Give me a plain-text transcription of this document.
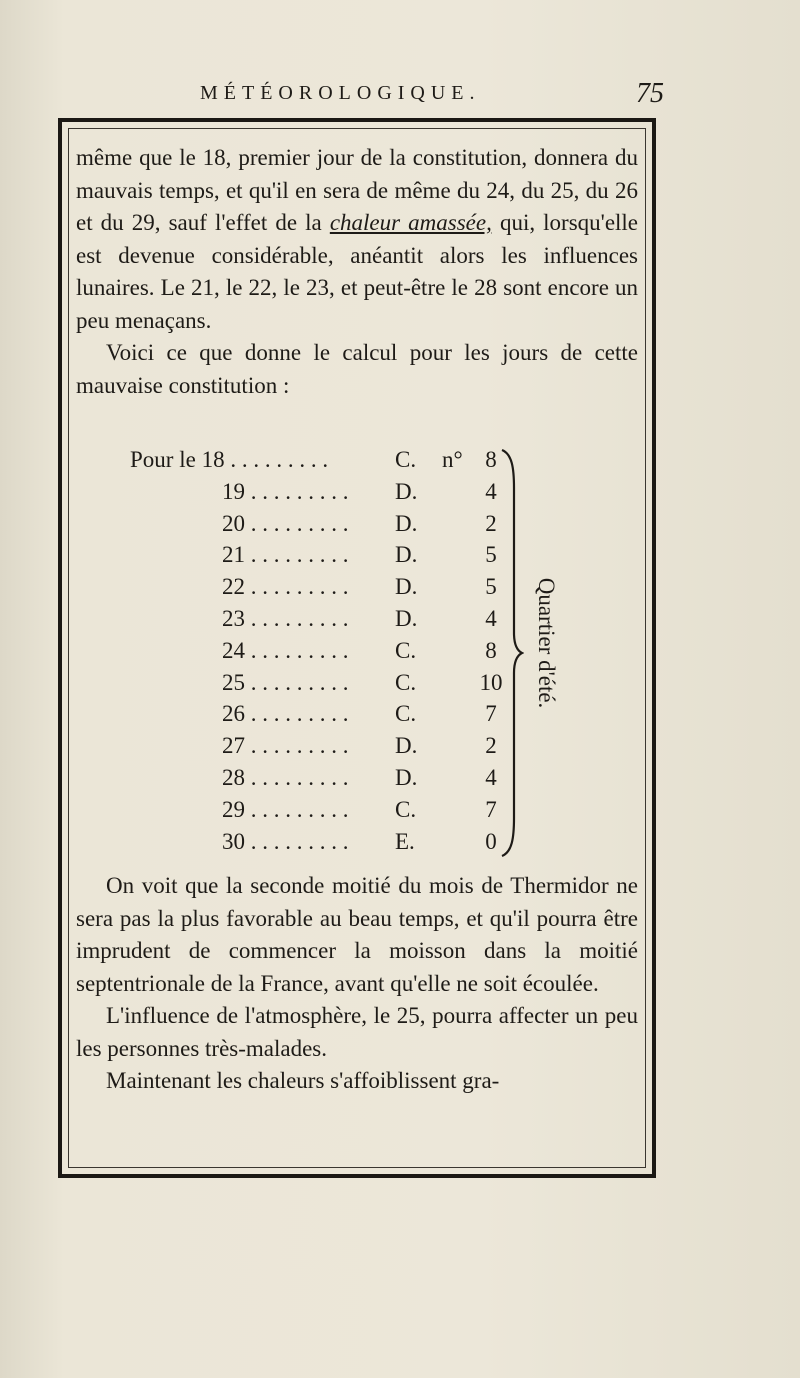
MÉTÉOROLOGIQUE.	75

même que le 18, premier jour de la constitution, donnera du mauvais temps, et qu'il en sera de même du 24, du 25, du 26 et du 29, sauf l'effet de la chaleur amassée, qui, lorsqu'elle est devenue considérable, anéantit alors les influences lunaires. Le 21, le 22, le 23, et peut-être le 28 sont encore un peu menaçans.

Voici ce que donne le calcul pour les jours de cette mauvaise constitution :

Pour le 18 . . . . . . . . .	C.	n° 8
19 . . . . . . . . .	D.	4
20 . . . . . . . . .	D.	2
21 . . . . . . . . .	D.	5
22 . . . . . . . . .	D.	5
23 . . . . . . . . .	D.	4
24 . . . . . . . . .	C.	8
25 . . . . . . . . .	C.	10
26 . . . . . . . . .	C.	7
27 . . . . . . . . .	D.	2
28 . . . . . . . . .	D.	4
29 . . . . . . . . .	C.	7
30 . . . . . . . . .	E.	0
Quartier d'été.

On voit que la seconde moitié du mois de Thermidor ne sera pas la plus favorable au beau temps, et qu'il pourra être imprudent de commencer la moisson dans la moitié septentrionale de la France, avant qu'elle ne soit écoulée.

L'influence de l'atmosphère, le 25, pourra affecter un peu les personnes très-malades.

Maintenant les chaleurs s'affoiblissent gra-
